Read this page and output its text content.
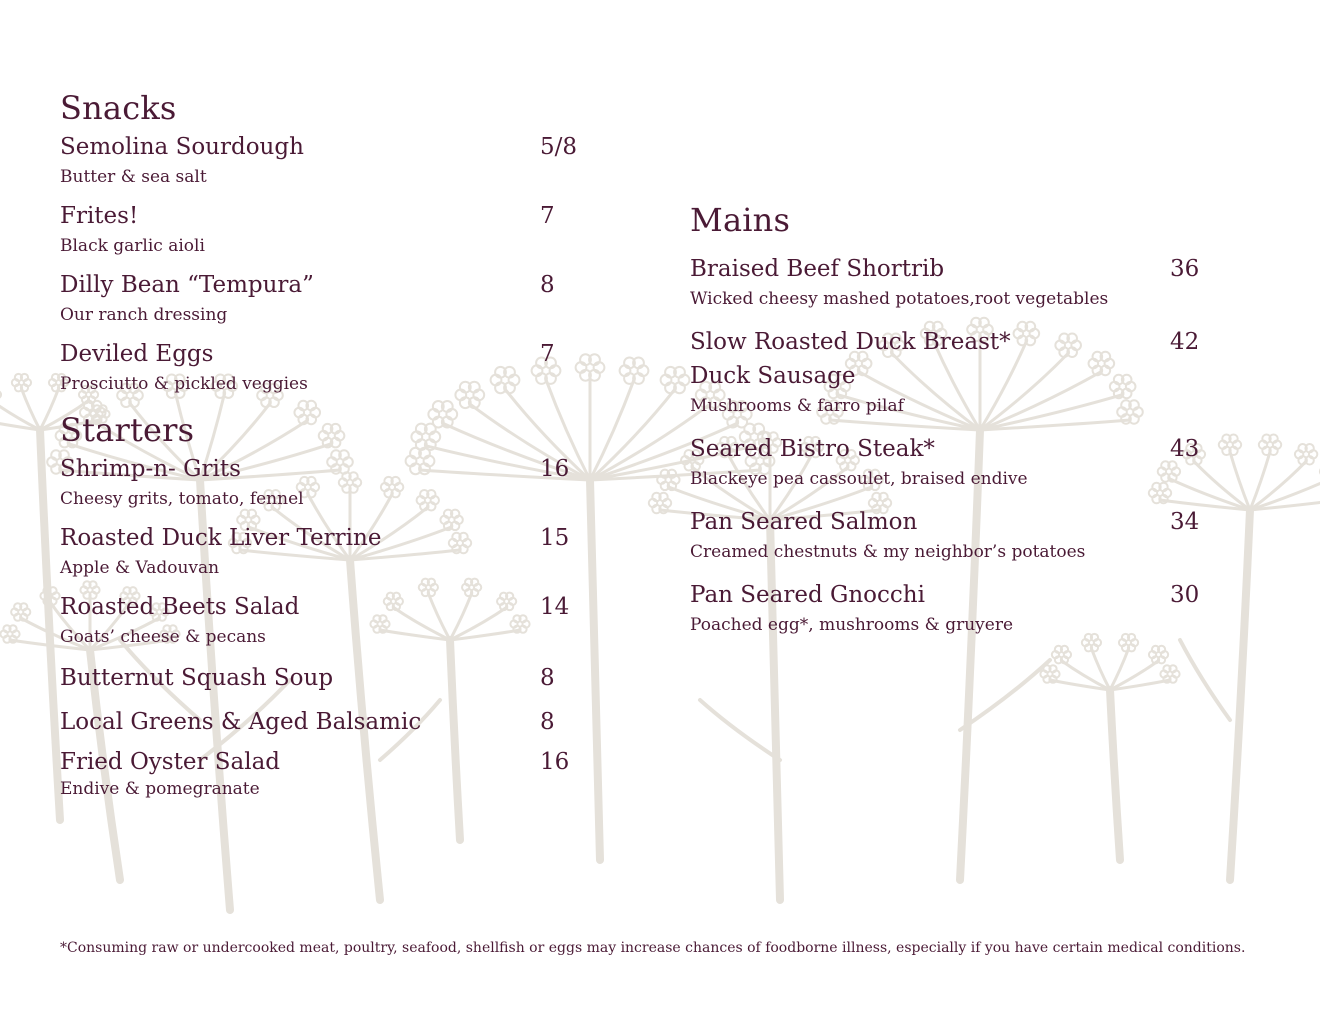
Snacks
Semolina Sourdough	5/8
Butter & sea salt
Frites!	7
Black garlic aioli
Dilly Bean “Tempura”	8
Our ranch dressing
Deviled Eggs	7
Prosciutto & pickled veggies
Starters
Shrimp-n- Grits	16
Cheesy grits, tomato, fennel
Roasted Duck Liver Terrine	15
Apple & Vadouvan
Roasted Beets Salad	14
Goats’ cheese & pecans
Butternut Squash Soup	8
Local Greens & Aged Balsamic	8
Fried Oyster Salad	16
Endive & pomegranate
Mains
Braised Beef Shortrib	36
Wicked cheesy mashed potatoes,root vegetables
Slow Roasted Duck Breast*	42
Duck Sausage
Mushrooms & farro pilaf
Seared Bistro Steak*	43
Blackeye pea cassoulet, braised endive
Pan Seared Salmon	34
Creamed chestnuts & my neighbor’s potatoes
Pan Seared Gnocchi	30
Poached egg*, mushrooms & gruyere
*Consuming raw or undercooked meat, poultry, seafood, shellfish or eggs may increase chances of foodborne illness, especially if you have certain medical conditions.
